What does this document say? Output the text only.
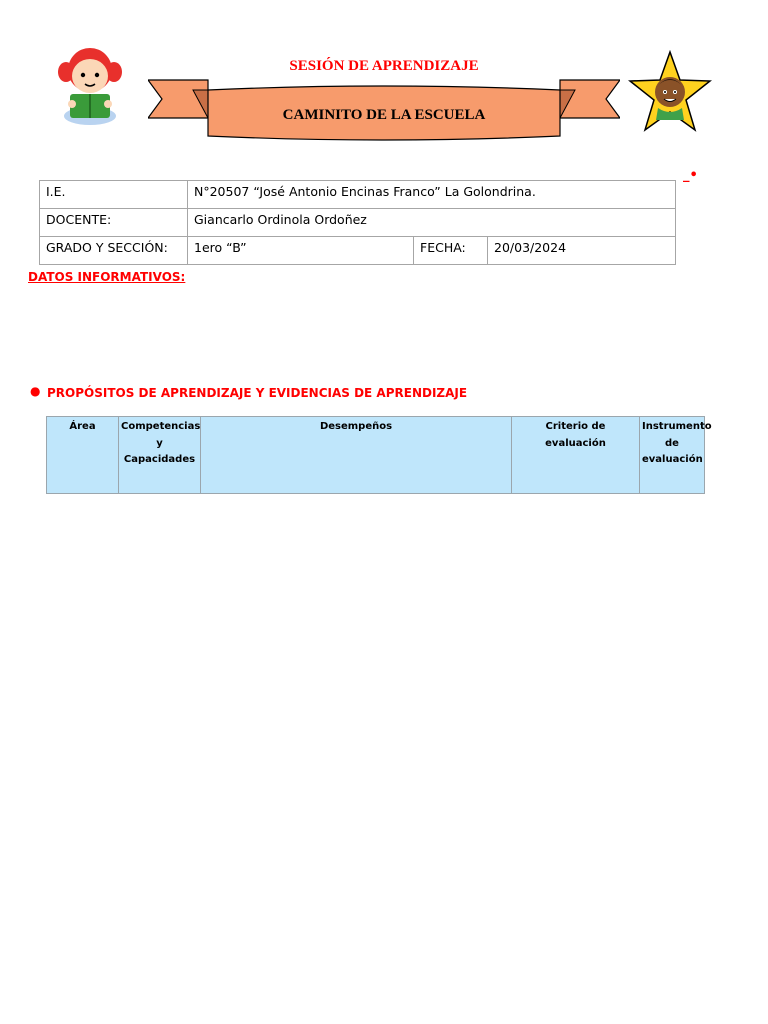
SESIÓN DE APRENDIZAJE
CAMINITO DE LA ESCUELA
_•
I.E.	N°20507 “José Antonio Encinas Franco” La Golondrina.		
DOCENTE:	Giancarlo Ordinola Ordoñez		
GRADO Y SECCIÓN:	1ero “B”	FECHA:	20/03/2024
DATOS INFORMATIVOS:
● PROPÓSITOS DE APRENDIZAJE Y EVIDENCIAS DE APRENDIZAJE
Área	Competencias y Capacidades	Desempeños	Criterio de evaluación	Instrumento de evaluación
